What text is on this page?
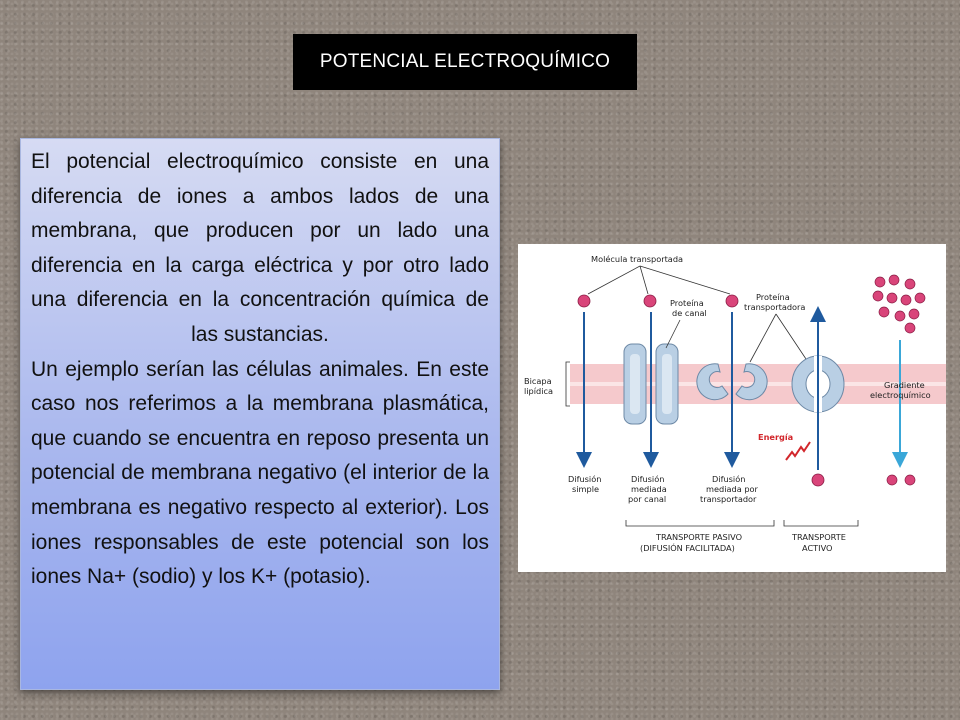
POTENCIAL ELECTROQUÍMICO

El potencial electroquímico consiste en una diferencia de iones a ambos lados de una membrana, que producen por un lado una diferencia en la carga eléctrica y por otro lado una diferencia en la concentración química de las sustancias.

Un ejemplo serían las células animales. En este caso nos referimos a la membrana plasmática, que cuando se encuentra en reposo presenta un potencial de membrana negativo (el interior de la membrana es negativo respecto al exterior). Los iones responsables de este potencial son los iones Na+ (sodio) y los K+ (potasio).

Bicapa
lipídica
Molécula transportada
Difusión
simple
Proteína
de canal
Difusión
mediada
por canal
Difusión
mediada por
transportador
Proteína
transportadora
Energía
Gradiente
electroquímico
TRANSPORTE PASIVO
(DIFUSIÓN FACILITADA)
TRANSPORTE
ACTIVO
